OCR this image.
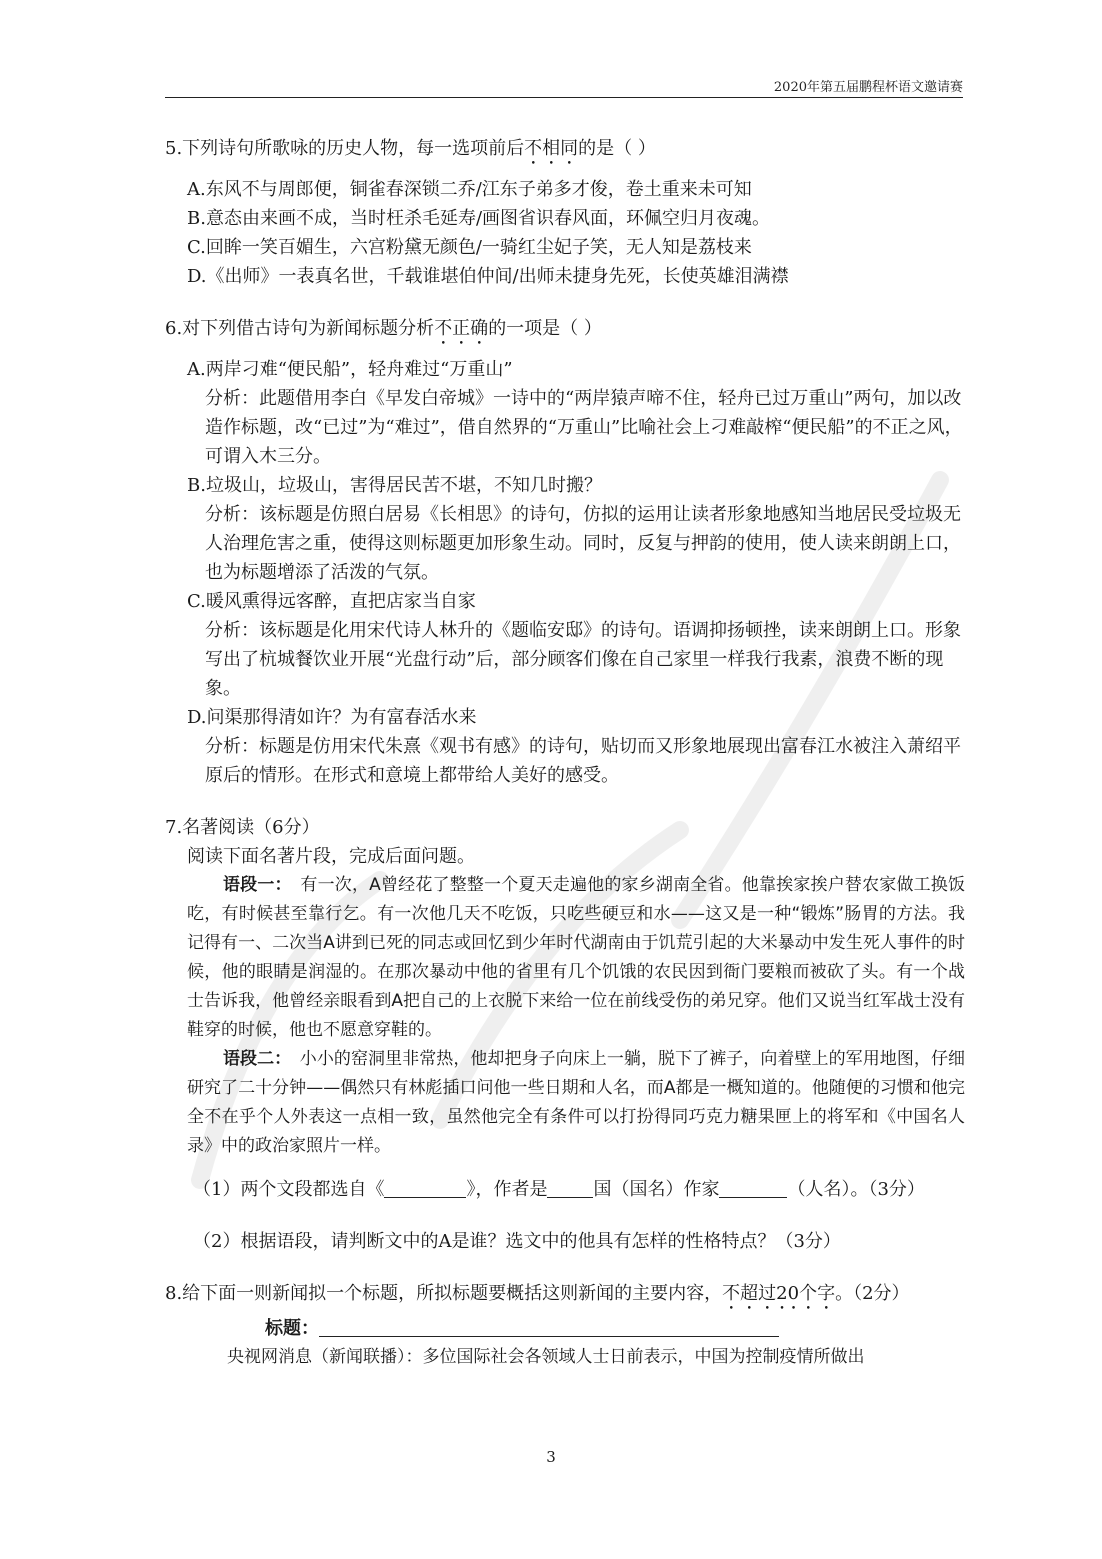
2020年第五届鹏程杯语文邀请赛

5.下列诗句所歌咏的历史人物，每一选项前后不相同的是（ ）

A.东风不与周郎便，铜雀春深锁二乔/江东子弟多才俊，卷土重来未可知

B.意态由来画不成，当时枉杀毛延寿/画图省识春风面，环佩空归月夜魂。

C.回眸一笑百媚生，六宫粉黛无颜色/一骑红尘妃子笑，无人知是荔枝来

D.《出师》一表真名世，千载谁堪伯仲间/出师未捷身先死，长使英雄泪满襟

6.对下列借古诗句为新闻标题分析不正确的一项是（ ）

A.两岸刁难“便民船”，轻舟难过“万重山”

分析：此题借用李白《早发白帝城》一诗中的“两岸猿声啼不住，轻舟已过万重山”两句，加以改造作标题，改“已过”为“难过”，借自然界的“万重山”比喻社会上刁难敲榨“便民船”的不正之风，可谓入木三分。

B.垃圾山，垃圾山，害得居民苦不堪，不知几时搬？

分析：该标题是仿照白居易《长相思》的诗句，仿拟的运用让读者形象地感知当地居民受垃圾无人治理危害之重，使得这则标题更加形象生动。同时，反复与押韵的使用，使人读来朗朗上口，也为标题增添了活泼的气氛。

C.暖风熏得远客醉，直把店家当自家

分析：该标题是化用宋代诗人林升的《题临安邸》的诗句。语调抑扬顿挫，读来朗朗上口。形象写出了杭城餐饮业开展“光盘行动”后，部分顾客们像在自己家里一样我行我素，浪费不断的现象。

D.问渠那得清如许？为有富春活水来

分析：标题是仿用宋代朱熹《观书有感》的诗句，贴切而又形象地展现出富春江水被注入萧绍平原后的情形。在形式和意境上都带给人美好的感受。

7.名著阅读（6分）

阅读下面名著片段，完成后面问题。

语段一：　 有一次，A曾经花了整整一个夏天走遍他的家乡湖南全省。他靠挨家挨户替农家做工换饭吃，有时候甚至靠行乞。有一次他几天不吃饭，只吃些硬豆和水——这又是一种“锻炼”肠胃的方法。我记得有一、二次当A讲到已死的同志或回忆到少年时代湖南由于饥荒引起的大米暴动中发生死人事件的时候，他的眼睛是润湿的。在那次暴动中他的省里有几个饥饿的农民因到衙门要粮而被砍了头。有一个战士告诉我，他曾经亲眼看到A把自己的上衣脱下来给一位在前线受伤的弟兄穿。他们又说当红军战士没有鞋穿的时候，他也不愿意穿鞋的。

语段二：　 小小的窑洞里非常热，他却把身子向床上一躺，脱下了裤子，向着壁上的军用地图，仔细研究了二十分钟——偶然只有林彪插口问他一些日期和人名，而A都是一概知道的。他随便的习惯和他完全不在乎个人外表这一点相一致，虽然他完全有条件可以打扮得同巧克力糖果匣上的将军和《中国名人录》中的政治家照片一样。

（1）两个文段都选自《	》，作者是	国（国名）作家	（人名）。（3分）

（2）根据语段，请判断文中的A是谁？选文中的他具有怎样的性格特点？（3分）

8.给下面一则新闻拟一个标题，所拟标题要概括这则新闻的主要内容，不超过20个字。（2分）

标题：

央视网消息（新闻联播）：多位国际社会各领域人士日前表示，中国为控制疫情所做出

3
